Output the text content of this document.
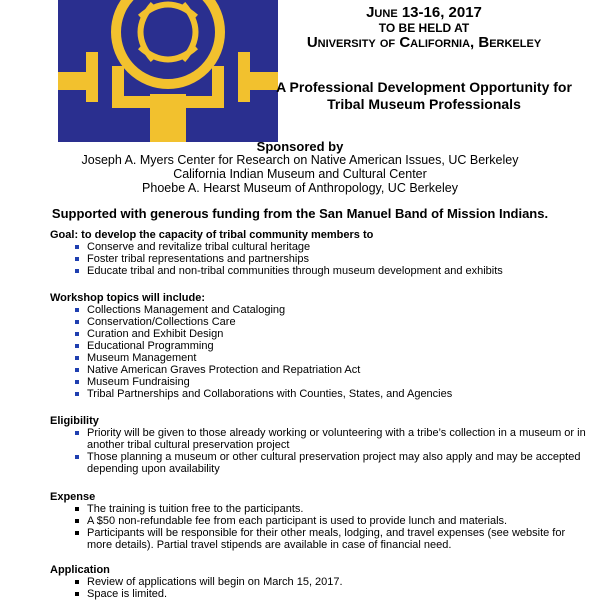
June 13-16, 2017
TO BE HELD AT
University of California, Berkeley
A Professional Development Opportunity for
Tribal Museum Professionals
Sponsored by
Joseph A. Myers Center for Research on Native American Issues, UC Berkeley
California Indian Museum and Cultural Center
Phoebe A. Hearst Museum of Anthropology, UC Berkeley
Supported with generous funding from the San Manuel Band of Mission Indians.
Goal: to develop the capacity of tribal community members to
Conserve and revitalize tribal cultural heritage
Foster tribal representations and partnerships
Educate tribal and non-tribal communities through museum development and exhibits
Workshop topics will include:
Collections Management and Cataloging
Conservation/Collections Care
Curation and Exhibit Design
Educational Programming
Museum Management
Native American Graves Protection and Repatriation Act
Museum Fundraising
Tribal Partnerships and Collaborations with Counties, States, and Agencies
Eligibility
Priority will be given to those already working or volunteering with a tribe’s collection in a museum or in another tribal cultural preservation project
Those planning a museum or other cultural preservation project may also apply and may be accepted depending upon availability
Expense
The training is tuition free to the participants.
A $50 non-refundable fee from each participant is used to provide lunch and materials.
Participants will be responsible for their other meals, lodging, and travel expenses (see website for more details). Partial travel stipends are available in case of financial need.
Application
Review of applications will begin on March 15, 2017.
Space is limited.
